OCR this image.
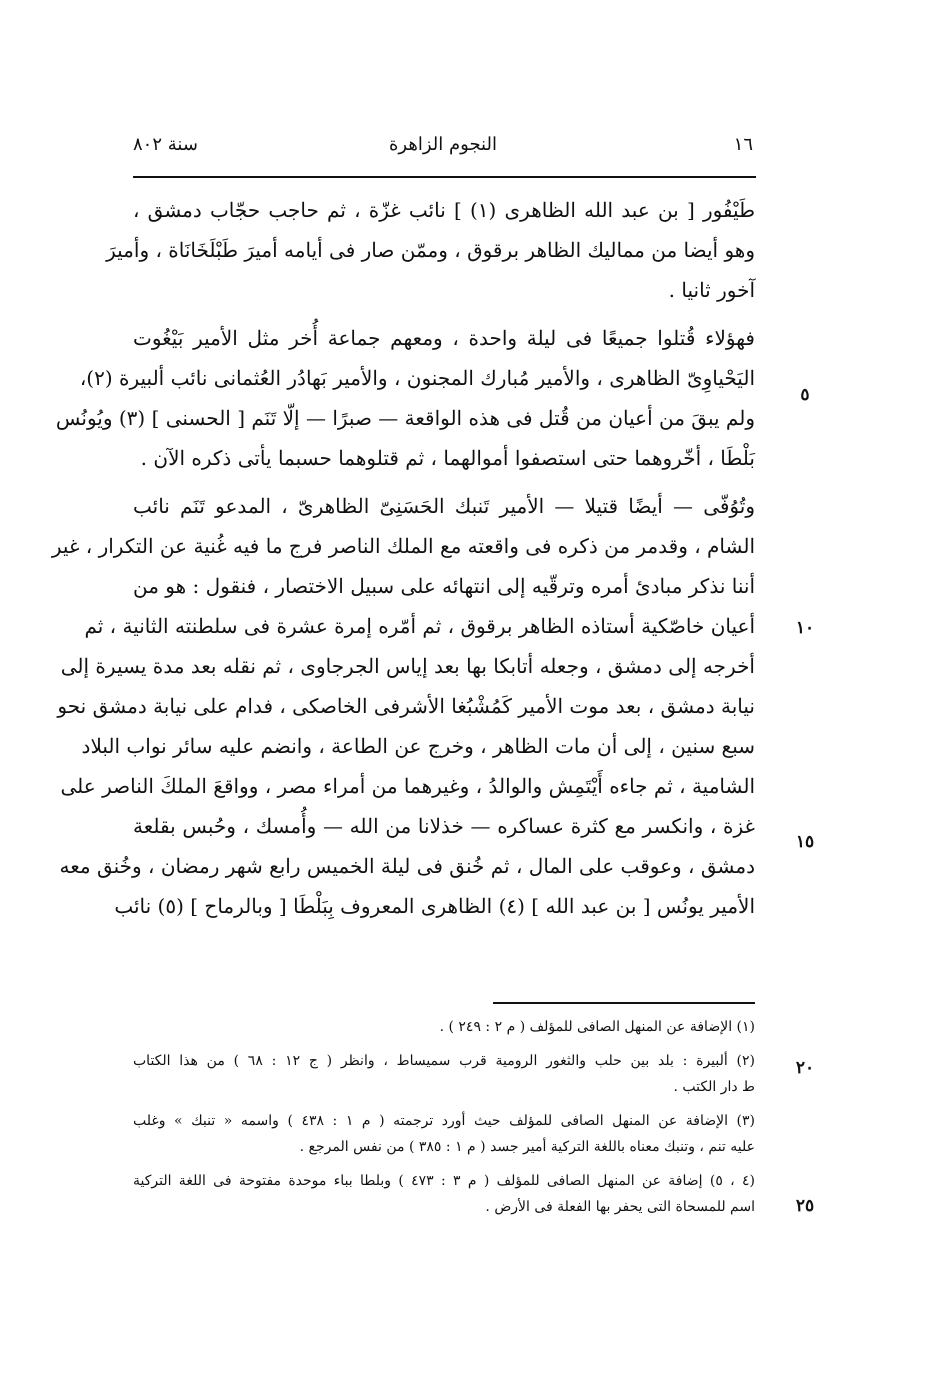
سنة ٨٠٢	النجوم الزاهرة	١٦
طَيْفُور [ بن عبد الله الظاهرى (١) ] نائب غزّة ، ثم حاجب حجّاب دمشق ،
وهو أيضا من مماليك الظاهر برقوق ، وممّن صار فى أيامه أميرَ طَبْلَخَانَاة ، وأميرَ
آخور ثانيا .
فهؤلاء قُتلوا جميعًا فى ليلة واحدة ، ومعهم جماعة أُخر مثل الأمير بَيْغُوت
اليَحْياوِىّ الظاهرى ، والأمير مُبارك المجنون ، والأمير بَهادُر العُثمانى نائب ألبيرة (٢)،
ولم يبقَ من أعيان من قُتل فى هذه الواقعة — صبرًا — إلّا تَنَم [ الحسنى ] (٣) ويُونُس
بَلْطَا ، أخّروهما حتى استصفوا أموالهما ، ثم قتلوهما حسبما يأتى ذكره الآن .
وتُوُفّى — أيضًا قتيلا — الأمير تَنبك الحَسَنِىّ الظاهرىّ ، المدعو تَنَم نائب
الشام ، وقدمر من ذكره فى واقعته مع الملك الناصر فرج ما فيه غُنية عن التكرار ، غير
أننا نذكر مبادئ أمره وترقّيه إلى انتهائه على سبيل الاختصار ، فنقول : هو من
أعيان خاصّكية أستاذه الظاهر برقوق ، ثم أمّره إمرة عشرة فى سلطنته الثانية ، ثم
أخرجه إلى دمشق ، وجعله أتابكا بها بعد إياس الجرجاوى ، ثم نقله بعد مدة يسيرة إلى
نيابة دمشق ، بعد موت الأمير كَمُشْبُغا الأشرفى الخاصكى ، فدام على نيابة دمشق نحو
سبع سنين ، إلى أن مات الظاهر ، وخرج عن الطاعة ، وانضم عليه سائر نواب البلاد
الشامية ، ثم جاءه أَيْتَمِش والوالدُ ، وغيرهما من أمراء مصر ، وواقعَ الملكَ الناصر على
غزة ، وانكسر مع كثرة عساكره — خذلانا من الله — وأُمسك ، وحُبس بقلعة
دمشق ، وعوقب على المال ، ثم خُنق فى ليلة الخميس رابع شهر رمضان ، وخُنق معه
الأمير يونُس [ بن عبد الله ] (٤) الظاهرى المعروف بِبَلْطَا [ وبالرماح ] (٥) نائب
٥
١٠
١٥
(١) الإضافة عن المنهل الصافى للمؤلف ( م ٢ : ٢٤٩ ) .
(٢) ألبيرة : بلد بين حلب والثغور الرومية قرب سميساط ، وانظر ( ج ١٢ : ٦٨ ) من هذا الكتاب
ط دار الكتب .
(٣) الإضافة عن المنهل الصافى للمؤلف حيث أورد ترجمته ( م ١ : ٤٣٨ ) واسمه « تنبك » وغلب
عليه تنم ، وتنبك معناه باللغة التركية أمير جسد ( م ١ : ٣٨٥ ) من نفس المرجع .
(٤ ، ٥) إضافة عن المنهل الصافى للمؤلف ( م ٣ : ٤٧٣ ) وبلطا بباء موحدة مفتوحة فى اللغة التركية
اسم للمسحاة التى يحفر بها الفعلة فى الأرض .
٢٠
٢٥
